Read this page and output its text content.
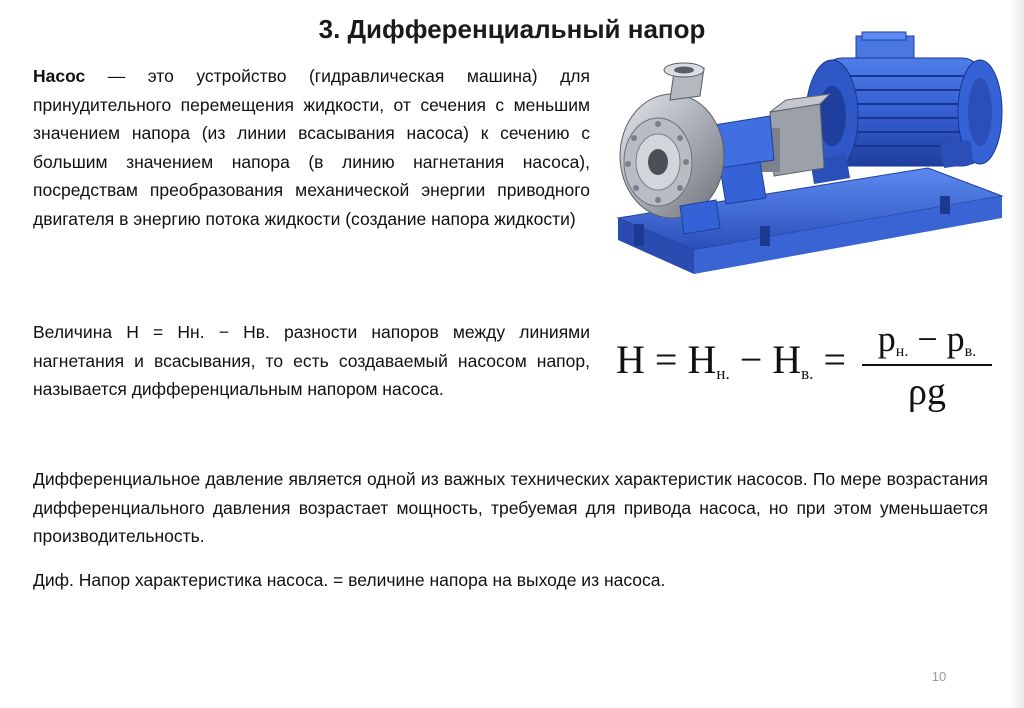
3. Дифференциальный напор
Насос — это устройство (гидравлическая машина) для принудительного перемещения жидкости, от сечения с меньшим значением напора (из линии всасывания насоса) к сечению с большим значением напора (в линию нагнетания насоса), посредствам преобразования механической энергии приводного двигателя в энергию потока жидкости (создание напора жидкости)
Величина Н = Нн. − Нв. разности напоров между линиями нагнетания и всасывания, то есть создаваемый насосом напор, называется дифференциальным напором насоса.
$H = H_{н.} - H_{в.} = p_{н.} - p_{в.}$
ρg
Дифференциальное давление является одной из важных технических характеристик насосов. По мере возрастания дифференциального давления возрастает мощность, требуемая для привода насоса, но при этом уменьшается производительность.
Диф. Напор характеристика насоса. = величине напора на выходе из насоса.
10
